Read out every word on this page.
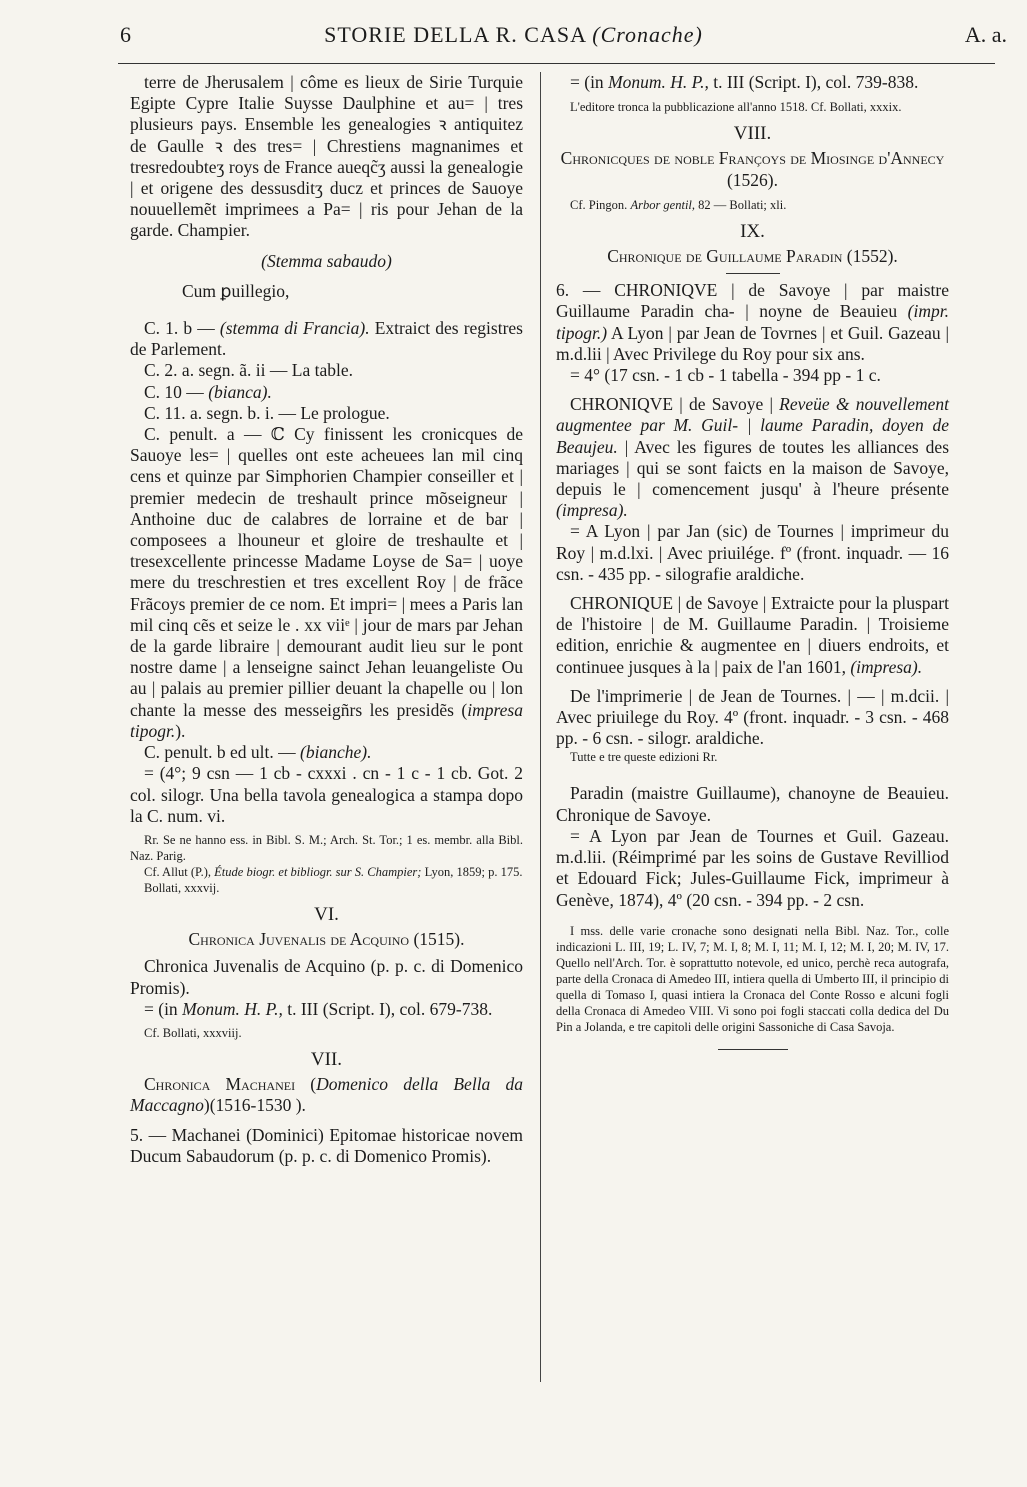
6	STORIE DELLA R. CASA (Cronache)	A. a.

terre de Jherusalem | côme es lieux de Sirie Turquie Egipte Cypre Italie Suysse Daulphine et au= | tres plusieurs pays. Ensemble les genealogies ꝛ antiquitez de Gaulle ꝛ des tres= | Chrestiens magnanimes et tresredoubteʒ roys de France aueqc̃ʒ aussi la genealogie | et origene des dessusditʒ ducz et princes de Sauoye nouuellemẽt imprimees a Pa= | ris pour Jehan de la garde. Champier.

(Stemma sabaudo)

Cum ꝑuillegio,

C. 1. b — (stemma di Francia). Extraict des registres de Parlement.

C. 2. a. segn. ã. ii — La table.

C. 10 — (bianca).

C. 11. a. segn. b. i. — Le prologue.

C. penult. a — ℂ Cy finissent les cronicques de Sauoye les= | quelles ont este acheuees lan mil cinq cens et quinze par Simphorien Champier conseiller et | premier medecin de treshault prince mõseigneur | Anthoine duc de calabres de lorraine et de bar | composees a lhouneur et gloire de treshaulte et | tresexcellente princesse Madame Loyse de Sa= | uoye mere du treschrestien et tres excellent Roy | de frãce Frãcoys premier de ce nom. Et impri= | mees a Paris lan mil cinq cẽs et seize le . xx viiᵉ | jour de mars par Jehan de la garde libraire | demourant audit lieu sur le pont nostre dame | a lenseigne sainct Jehan leuangeliste Ou au | palais au premier pillier deuant la chapelle ou | lon chante la messe des messeigñrs les presidẽs (impresa tipogr.).

C. penult. b ed ult. — (bianche).

= (4°; 9 csn — 1 cb - cxxxi . cn - 1 c - 1 cb. Got. 2 col. silogr. Una bella tavola genealogica a stampa dopo la C. num. vi.

Rr. Se ne hanno ess. in Bibl. S. M.; Arch. St. Tor.; 1 es. membr. alla Bibl. Naz. Parig.

Cf. Allut (P.), Étude biogr. et bibliogr. sur S. Champier; Lyon, 1859; p. 175.

Bollati, xxxvij.

VI.

Chronica Juvenalis de Acquino (1515).

Chronica Juvenalis de Acquino (p. p. c. di Domenico Promis).

= (in Monum. H. P., t. III (Script. I), col. 679-738.

Cf. Bollati, xxxviij.

VII.

Chronica Machanei (Domenico della Bella da Maccagno)(1516-1530 ).

5. — Machanei (Dominici) Epitomae historicae novem Ducum Sabaudorum (p. p. c. di Domenico Promis).

= (in Monum. H. P., t. III (Script. I), col. 739-838.

L'editore tronca la pubblicazione all'anno 1518. Cf. Bollati, xxxix.

VIII.

Chronicques de noble Françoys de Miosinge d'Annecy (1526).

Cf. Pingon. Arbor gentil, 82 — Bollati; xli.

IX.

Chronique de Guillaume Paradin (1552).

6. — CHRONIQVE | de Savoye | par maistre Guillaume Paradin cha- | noyne de Beauieu (impr. tipogr.) A Lyon | par Jean de Tovrnes | et Guil. Gazeau | m.d.lii | Avec Privilege du Roy pour six ans.

= 4° (17 csn. - 1 cb - 1 tabella - 394 pp - 1 c.

CHRONIQVE | de Savoye | Reveüe & nouvellement augmentee par M. Guil- | laume Paradin, doyen de Beaujeu. | Avec les figures de toutes les alliances des mariages | qui se sont faicts en la maison de Savoye, depuis le | comencement jusqu' à l'heure présente (impresa).

= A Lyon | par Jan (sic) de Tournes | imprimeur du Roy | m.d.lxi. | Avec priuilége. fº (front. inquadr. — 16 csn. - 435 pp. - silografie araldiche.

CHRONIQUE | de Savoye | Extraicte pour la pluspart de l'histoire | de M. Guillaume Paradin. | Troisieme edition, enrichie & augmentee en | diuers endroits, et continuee jusques à la | paix de l'an 1601, (impresa).

De l'imprimerie | de Jean de Tournes. | — | m.dcii. | Avec priuilege du Roy. 4º (front. inquadr. - 3 csn. - 468 pp. - 6 csn. - silogr. araldiche.

Tutte e tre queste edizioni Rr.

Paradin (maistre Guillaume), chanoyne de Beauieu. Chronique de Savoye.

= A Lyon par Jean de Tournes et Guil. Gazeau. m.d.lii. (Réimprimé par les soins de Gustave Revilliod et Edouard Fick; Jules-Guillaume Fick, imprimeur à Genève, 1874), 4º (20 csn. - 394 pp. - 2 csn.

I mss. delle varie cronache sono designati nella Bibl. Naz. Tor., colle indicazioni L. III, 19; L. IV, 7; M. I, 8; M. I, 11; M. I, 12; M. I, 20; M. IV, 17. Quello nell'Arch. Tor. è soprattutto notevole, ed unico, perchè reca autografa, parte della Cronaca di Amedeo III, intiera quella di Umberto III, il principio di quella di Tomaso I, quasi intiera la Cronaca del Conte Rosso e alcuni fogli della Cronaca di Amedeo VIII. Vi sono poi fogli staccati colla dedica del Du Pin a Jolanda, e tre capitoli delle origini Sassoniche di Casa Savoja.
